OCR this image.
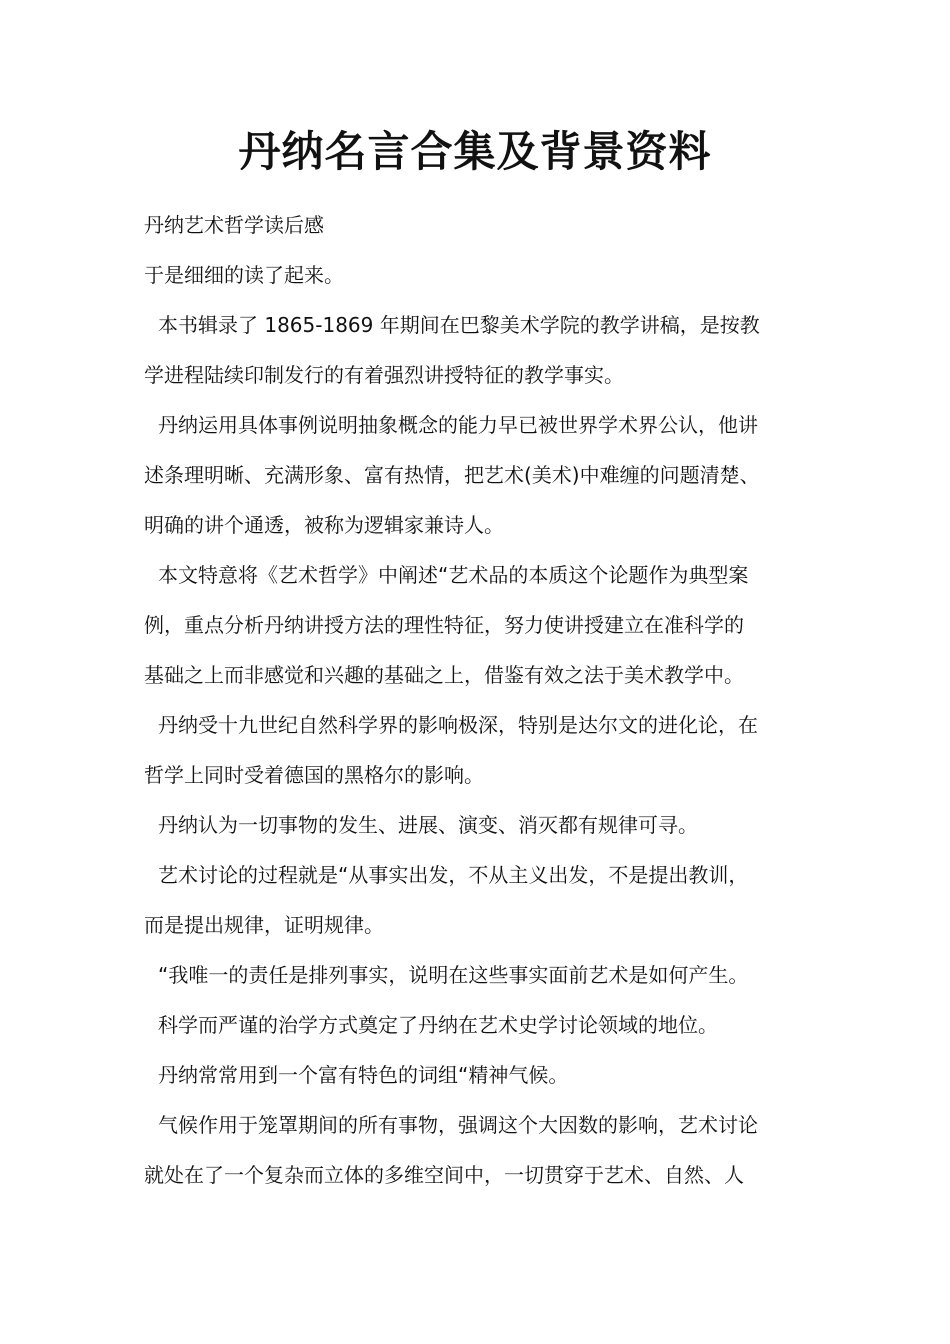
丹纳名言合集及背景资料

丹纳艺术哲学读后感

于是细细的读了起来。

本书辑录了 1865-1869 年期间在巴黎美术学院的教学讲稿，是按教

学进程陆续印制发行的有着强烈讲授特征的教学事实。

丹纳运用具体事例说明抽象概念的能力早已被世界学术界公认，他讲

述条理明晰、充满形象、富有热情，把艺术(美术)中难缠的问题清楚、

明确的讲个通透，被称为逻辑家兼诗人。

本文特意将《艺术哲学》中阐述“艺术品的本质这个论题作为典型案

例，重点分析丹纳讲授方法的理性特征，努力使讲授建立在准科学的

基础之上而非感觉和兴趣的基础之上，借鉴有效之法于美术教学中。

丹纳受十九世纪自然科学界的影响极深，特别是达尔文的进化论，在

哲学上同时受着德国的黑格尔的影响。

丹纳认为一切事物的发生、进展、演变、消灭都有规律可寻。

艺术讨论的过程就是“从事实出发，不从主义出发，不是提出教训，

而是提出规律，证明规律。

“我唯一的责任是排列事实，说明在这些事实面前艺术是如何产生。

科学而严谨的治学方式奠定了丹纳在艺术史学讨论领域的地位。

丹纳常常用到一个富有特色的词组“精神气候。

气候作用于笼罩期间的所有事物，强调这个大因数的影响，艺术讨论

就处在了一个复杂而立体的多维空间中，一切贯穿于艺术、自然、人
